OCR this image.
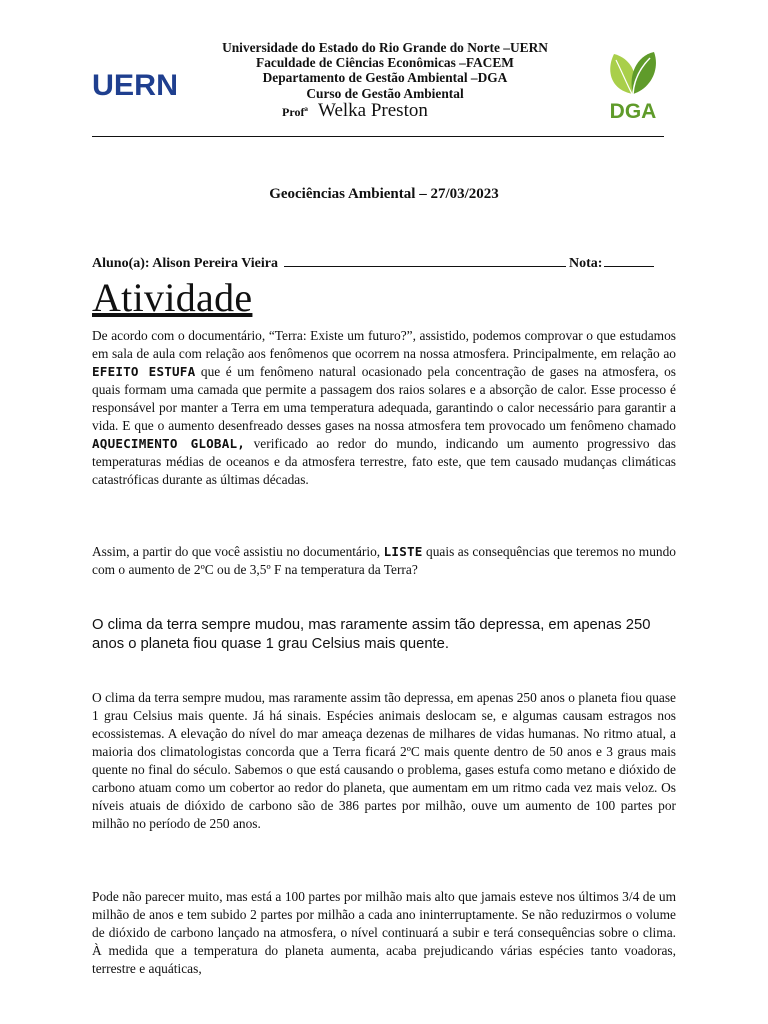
UERN
DGA
Universidade do Estado do Rio Grande do Norte –UERN
Faculdade de Ciências Econômicas –FACEM
Departamento de Gestão Ambiental –DGA
Curso de Gestão Ambiental
Profª Welka Preston
Geociências Ambiental – 27/03/2023
Aluno(a): Alison Pereira Vieira	Nota:
Atividade
De acordo com o documentário, “Terra: Existe um futuro?”, assistido, podemos comprovar o que estudamos em sala de aula com relação aos fenômenos que ocorrem na nossa atmosfera. Principalmente, em relação ao EFEITO ESTUFA que é um fenômeno natural ocasionado pela concentração de gases na atmosfera, os quais formam uma camada que permite a passagem dos raios solares e a absorção de calor. Esse processo é responsável por manter a Terra em uma temperatura adequada, garantindo o calor necessário para garantir a vida. E que o aumento desenfreado desses gases na nossa atmosfera tem provocado um fenômeno chamado AQUECIMENTO GLOBAL, verificado ao redor do mundo, indicando um aumento progressivo das temperaturas médias de oceanos e da atmosfera terrestre, fato este, que tem causado mudanças climáticas catastróficas durante as últimas décadas.
Assim, a partir do que você assistiu no documentário, LISTE quais as consequências que teremos no mundo com o aumento de 2ºC ou de 3,5º F na temperatura da Terra?
O clima da terra sempre mudou, mas raramente assim tão depressa, em apenas 250 anos o planeta fiou quase 1 grau Celsius mais quente.
O clima da terra sempre mudou, mas raramente assim tão depressa, em apenas 250 anos o planeta fiou quase 1 grau Celsius mais quente. Já há sinais. Espécies animais deslocam se, e algumas causam estragos nos ecossistemas. A elevação do nível do mar ameaça dezenas de milhares de vidas humanas. No ritmo atual, a maioria dos climatologistas concorda que a Terra ficará 2ºC mais quente dentro de 50 anos e 3 graus mais quente no final do século. Sabemos o que está causando o problema, gases estufa como metano e dióxido de carbono atuam como um cobertor ao redor do planeta, que aumentam em um ritmo cada vez mais veloz. Os níveis atuais de dióxido de carbono são de 386 partes por milhão, ouve um aumento de 100 partes por milhão no período de 250 anos.
Pode não parecer muito, mas está a 100 partes por milhão mais alto que jamais esteve nos últimos 3/4 de um milhão de anos e tem subido 2 partes por milhão a cada ano ininterruptamente. Se não reduzirmos o volume de dióxido de carbono lançado na atmosfera, o nível continuará a subir e terá consequências sobre o clima. À medida que a temperatura do planeta aumenta, acaba prejudicando várias espécies tanto voadoras, terrestre e aquáticas,
